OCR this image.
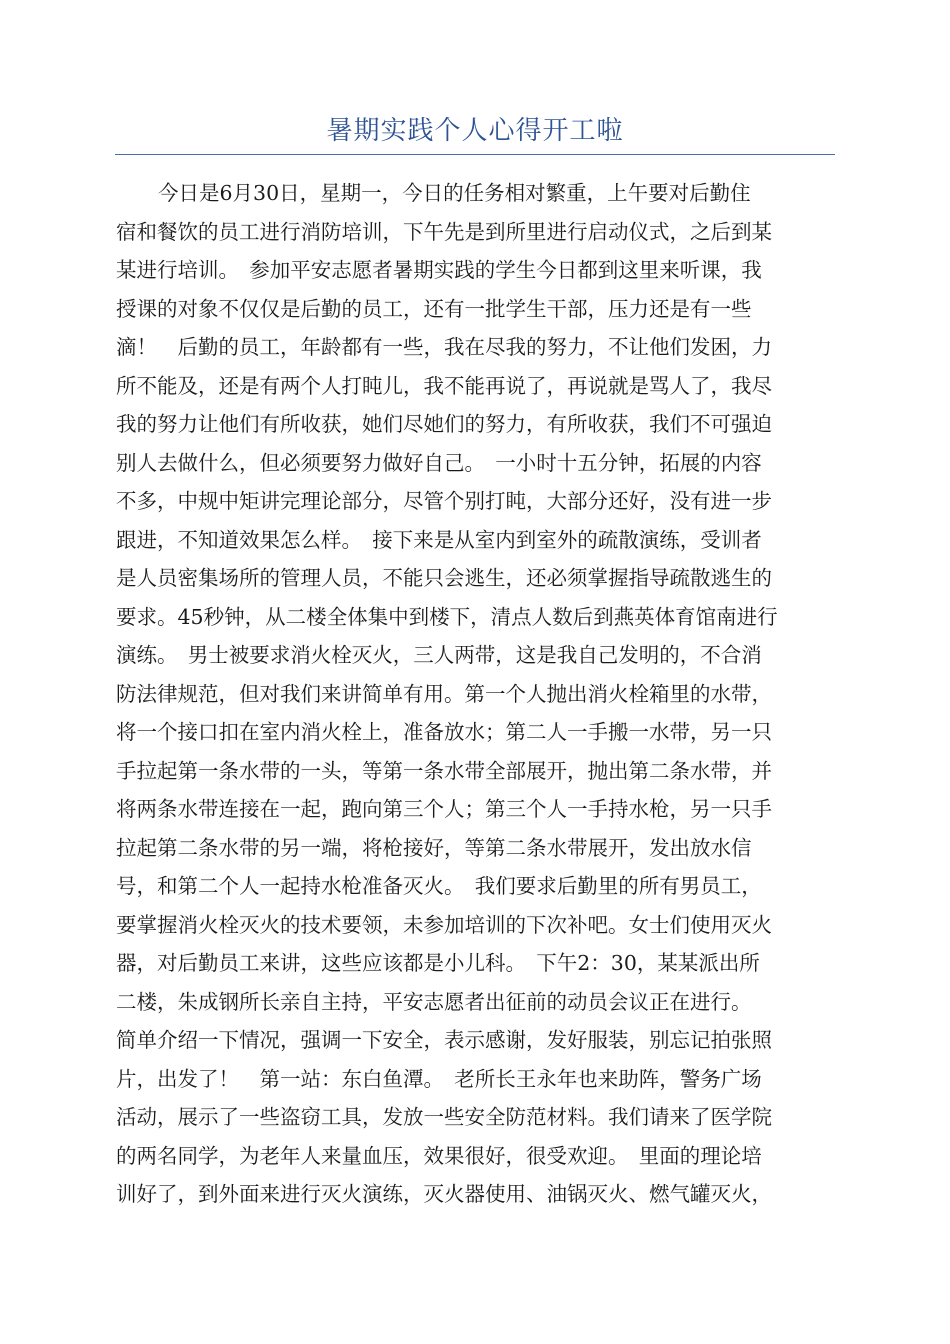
暑期实践个人心得开工啦
今日是6月30日，星期一，今日的任务相对繁重，上午要对后勤住
宿和餐饮的员工进行消防培训，下午先是到所里进行启动仪式，之后到某
某进行培训。　参加平安志愿者暑期实践的学生今日都到这里来听课，我
授课的对象不仅仅是后勤的员工，还有一批学生干部，压力还是有一些
滴！　后勤的员工，年龄都有一些，我在尽我的努力，不让他们发困，力
所不能及，还是有两个人打盹儿，我不能再说了，再说就是骂人了，我尽
我的努力让他们有所收获，她们尽她们的努力，有所收获，我们不可强迫
别人去做什么，但必须要努力做好自己。　一小时十五分钟，拓展的内容
不多，中规中矩讲完理论部分，尽管个别打盹，大部分还好，没有进一步
跟进，不知道效果怎么样。　接下来是从室内到室外的疏散演练，受训者
是人员密集场所的管理人员，不能只会逃生，还必须掌握指导疏散逃生的
要求。45秒钟，从二楼全体集中到楼下，清点人数后到燕英体育馆南进行
演练。　男士被要求消火栓灭火，三人两带，这是我自己发明的，不合消
防法律规范，但对我们来讲简单有用。第一个人抛出消火栓箱里的水带，
将一个接口扣在室内消火栓上，准备放水；第二人一手搬一水带，另一只
手拉起第一条水带的一头，等第一条水带全部展开，抛出第二条水带，并
将两条水带连接在一起，跑向第三个人；第三个人一手持水枪，另一只手
拉起第二条水带的另一端，将枪接好，等第二条水带展开，发出放水信
号，和第二个人一起持水枪准备灭火。　我们要求后勤里的所有男员工，
要掌握消火栓灭火的技术要领，未参加培训的下次补吧。女士们使用灭火
器，对后勤员工来讲，这些应该都是小儿科。　下午2：30，某某派出所
二楼，朱成钢所长亲自主持，平安志愿者出征前的动员会议正在进行。
简单介绍一下情况，强调一下安全，表示感谢，发好服装，别忘记拍张照
片，出发了！　第一站：东白鱼潭。　老所长王永年也来助阵，警务广场
活动，展示了一些盗窃工具，发放一些安全防范材料。我们请来了医学院
的两名同学，为老年人来量血压，效果很好，很受欢迎。　里面的理论培
训好了，到外面来进行灭火演练，灭火器使用、油锅灭火、燃气罐灭火，
